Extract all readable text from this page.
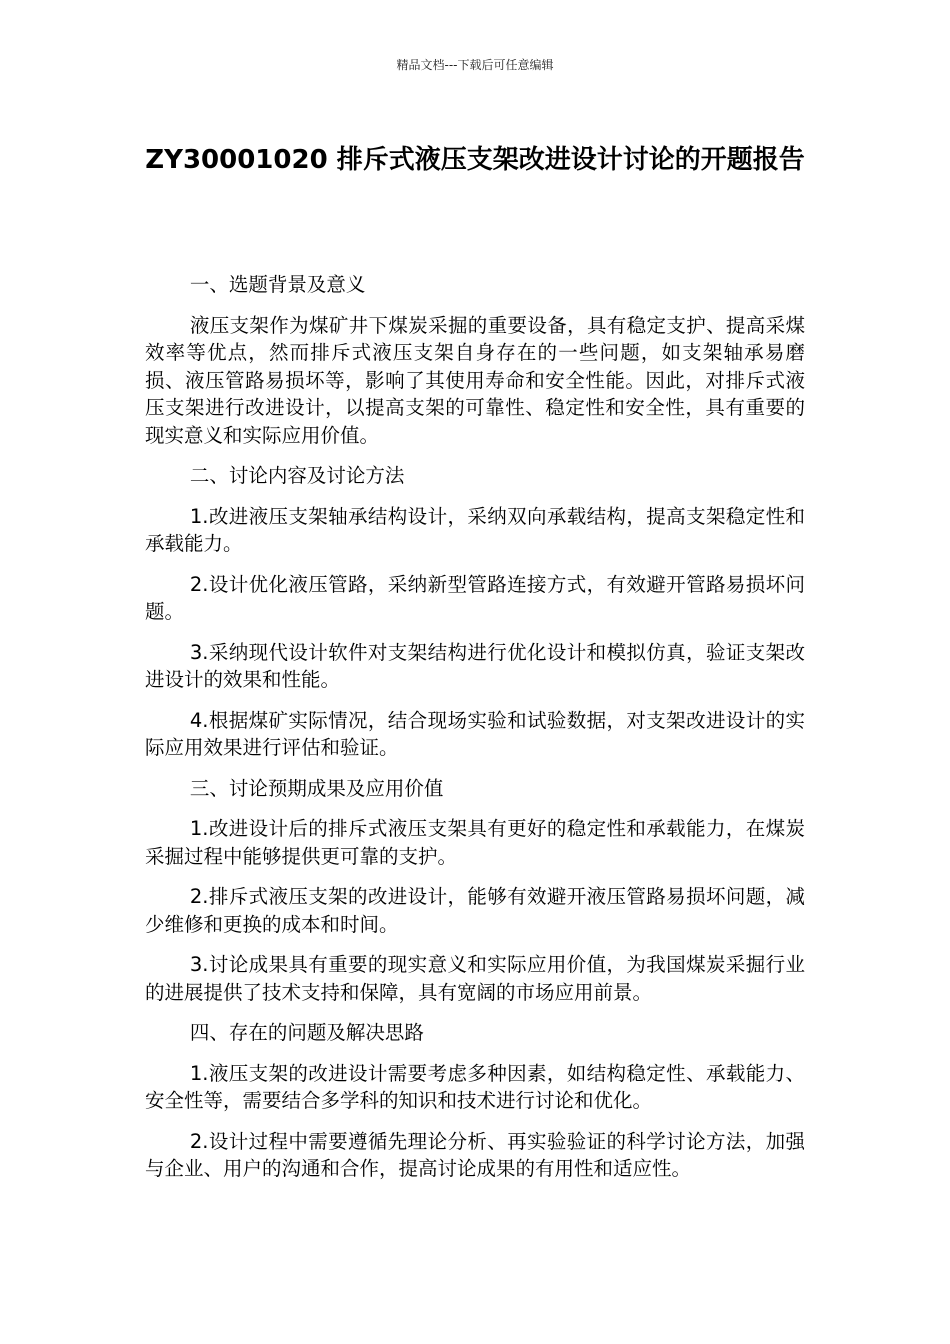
精品文档---下载后可任意编辑
ZY30001020 排斥式液压支架改进设计讨论的开题报告

一、选题背景及意义

液压支架作为煤矿井下煤炭采掘的重要设备，具有稳定支护、提高采煤效率等优点，然而排斥式液压支架自身存在的一些问题，如支架轴承易磨损、液压管路易损坏等，影响了其使用寿命和安全性能。因此，对排斥式液压支架进行改进设计，以提高支架的可靠性、稳定性和安全性，具有重要的现实意义和实际应用价值。

二、讨论内容及讨论方法

1.改进液压支架轴承结构设计，采纳双向承载结构，提高支架稳定性和承载能力。

2.设计优化液压管路，采纳新型管路连接方式，有效避开管路易损坏问题。

3.采纳现代设计软件对支架结构进行优化设计和模拟仿真，验证支架改进设计的效果和性能。

4.根据煤矿实际情况，结合现场实验和试验数据，对支架改进设计的实际应用效果进行评估和验证。

三、讨论预期成果及应用价值

1.改进设计后的排斥式液压支架具有更好的稳定性和承载能力，在煤炭采掘过程中能够提供更可靠的支护。

2.排斥式液压支架的改进设计，能够有效避开液压管路易损坏问题，减少维修和更换的成本和时间。

3.讨论成果具有重要的现实意义和实际应用价值，为我国煤炭采掘行业的进展提供了技术支持和保障，具有宽阔的市场应用前景。

四、存在的问题及解决思路

1.液压支架的改进设计需要考虑多种因素，如结构稳定性、承载能力、安全性等，需要结合多学科的知识和技术进行讨论和优化。

2.设计过程中需要遵循先理论分析、再实验验证的科学讨论方法，加强与企业、用户的沟通和合作，提高讨论成果的有用性和适应性。
